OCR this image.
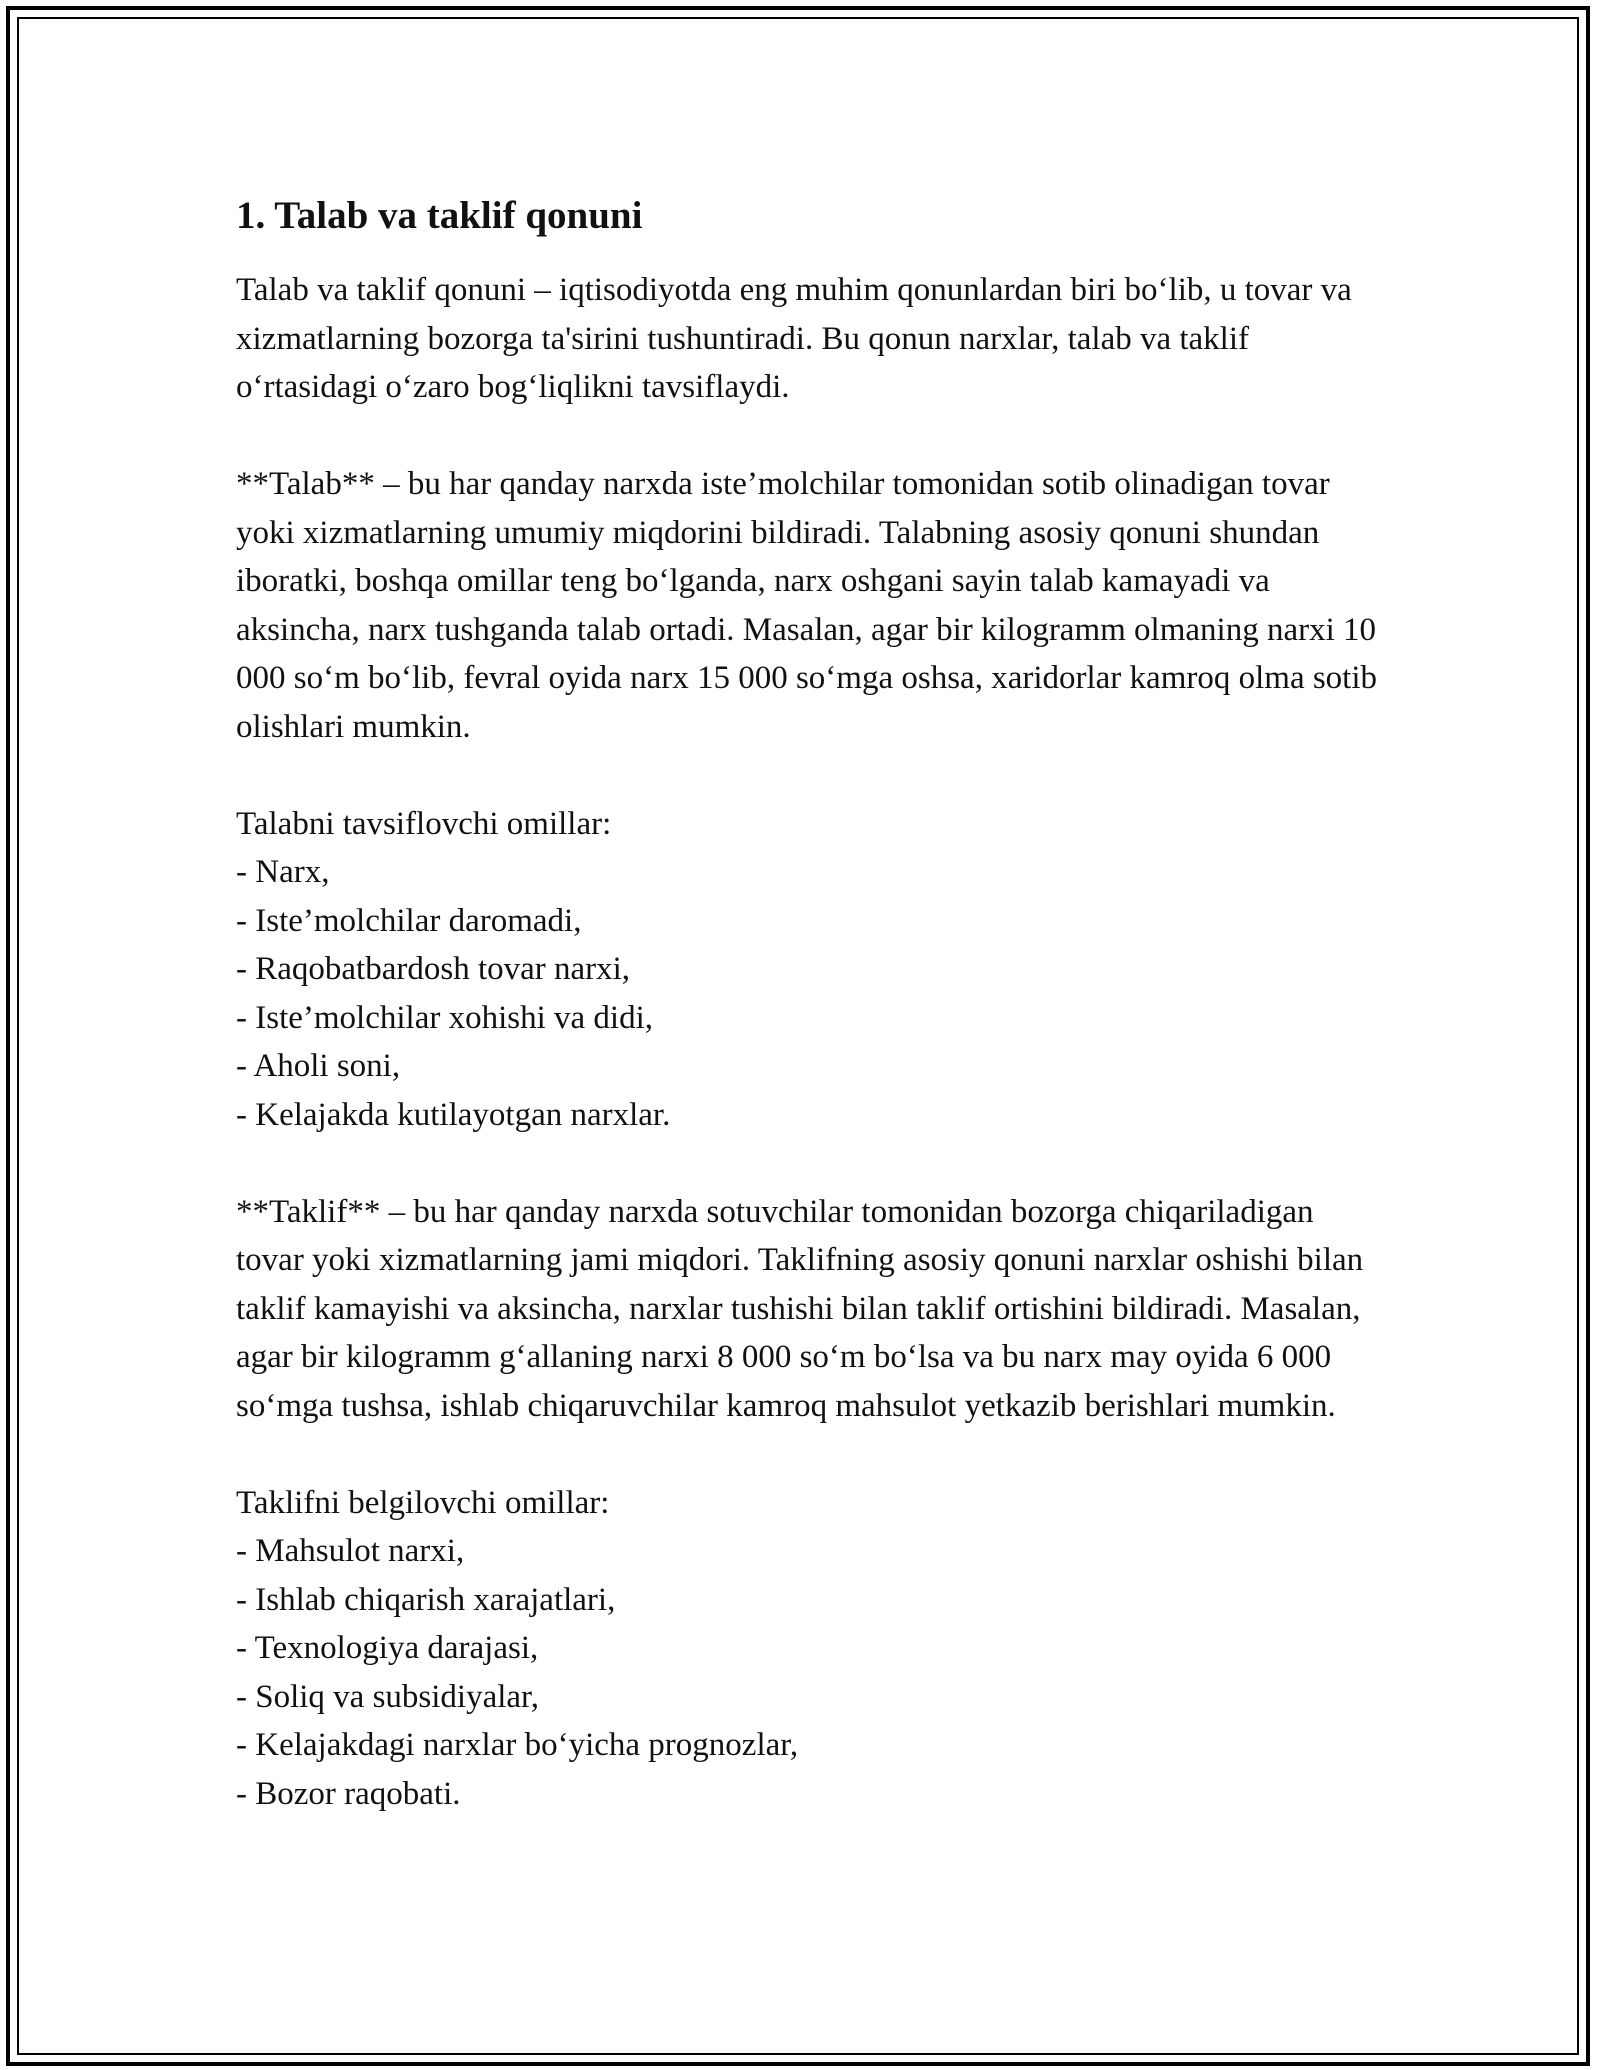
1. Talab va taklif qonuni

Talab va taklif qonuni – iqtisodiyotda eng muhim qonunlardan biri bo‘lib, u tovar va xizmatlarning bozorga ta'sirini tushuntiradi. Bu qonun narxlar, talab va taklif o‘rtasidagi o‘zaro bog‘liqlikni tavsiflaydi.

**Talab** – bu har qanday narxda iste’molchilar tomonidan sotib olinadigan tovar yoki xizmatlarning umumiy miqdorini bildiradi. Talabning asosiy qonuni shundan iboratki, boshqa omillar teng bo‘lganda, narx oshgani sayin talab kamayadi va aksincha, narx tushganda talab ortadi. Masalan, agar bir kilogramm olmaning narxi 10 000 so‘m bo‘lib, fevral oyida narx 15 000 so‘mga oshsa, xaridorlar kamroq olma sotib olishlari mumkin.

Talabni tavsiflovchi omillar:
- Narx,
- Iste’molchilar daromadi,
- Raqobatbardosh tovar narxi,
- Iste’molchilar xohishi va didi,
- Aholi soni,
- Kelajakda kutilayotgan narxlar.

**Taklif** – bu har qanday narxda sotuvchilar tomonidan bozorga chiqariladigan tovar yoki xizmatlarning jami miqdori. Taklifning asosiy qonuni narxlar oshishi bilan taklif kamayishi va aksincha, narxlar tushishi bilan taklif ortishini bildiradi. Masalan, agar bir kilogramm g‘allaning narxi 8 000 so‘m bo‘lsa va bu narx may oyida 6 000 so‘mga tushsa, ishlab chiqaruvchilar kamroq mahsulot yetkazib berishlari mumkin.

Taklifni belgilovchi omillar:
- Mahsulot narxi,
- Ishlab chiqarish xarajatlari,
- Texnologiya darajasi,
- Soliq va subsidiyalar,
- Kelajakdagi narxlar bo‘yicha prognozlar,
- Bozor raqobati.
